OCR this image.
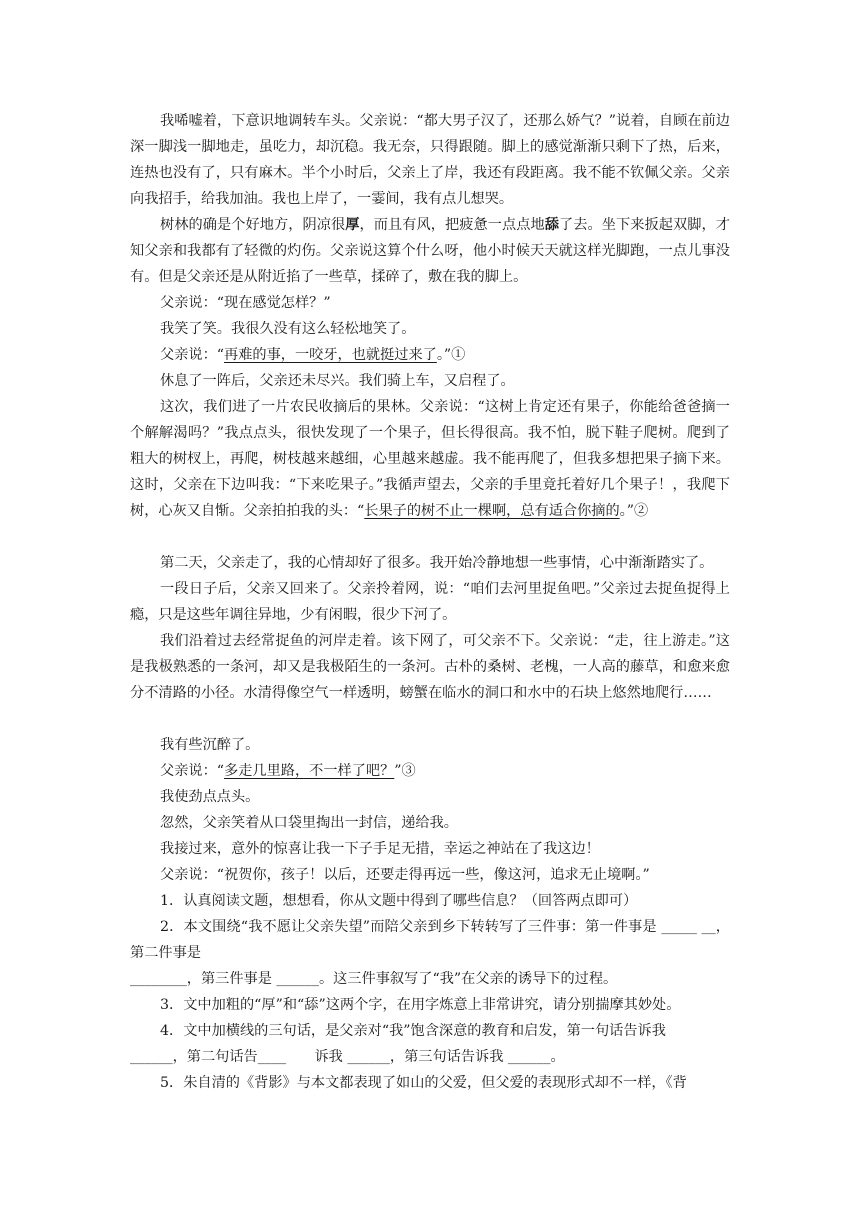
我唏嘘着，下意识地调转车头。父亲说：“都大男子汉了，还那么娇气？”说着，自顾在前边深一脚浅一脚地走，虽吃力，却沉稳。我无奈，只得跟随。脚上的感觉渐渐只剩下了热，后来，连热也没有了，只有麻木。半个小时后，父亲上了岸，我还有段距离。我不能不钦佩父亲。父亲向我招手，给我加油。我也上岸了，一霎间，我有点儿想哭。

树林的确是个好地方，阴凉很厚，而且有风，把疲惫一点点地舔了去。坐下来扳起双脚，才知父亲和我都有了轻微的灼伤。父亲说这算个什么呀，他小时候天天就这样光脚跑，一点儿事没有。但是父亲还是从附近掐了一些草，揉碎了，敷在我的脚上。

父亲说：“现在感觉怎样？”

我笑了笑。我很久没有这么轻松地笑了。

父亲说：“再难的事，一咬牙，也就挺过来了。”①

休息了一阵后，父亲还未尽兴。我们骑上车，又启程了。

这次，我们进了一片农民收摘后的果林。父亲说：“这树上肯定还有果子，你能给爸爸摘一个解解渴吗？”我点点头，很快发现了一个果子，但长得很高。我不怕，脱下鞋子爬树。爬到了粗大的树杈上，再爬，树枝越来越细，心里越来越虚。我不能再爬了，但我多想把果子摘下来。这时，父亲在下边叫我：“下来吃果子。”我循声望去，父亲的手里竟托着好几个果子！，我爬下树，心灰又自惭。父亲拍拍我的头：“长果子的树不止一棵啊，总有适合你摘的。”②

第二天，父亲走了，我的心情却好了很多。我开始冷静地想一些事情，心中渐渐踏实了。

一段日子后，父亲又回来了。父亲拎着网，说：“咱们去河里捉鱼吧。”父亲过去捉鱼捉得上瘾，只是这些年调往异地，少有闲暇，很少下河了。

我们沿着过去经常捉鱼的河岸走着。该下网了，可父亲不下。父亲说：“走，往上游走。”这是我极熟悉的一条河，却又是我极陌生的一条河。古朴的桑树、老槐，一人高的藤草，和愈来愈分不清路的小径。水清得像空气一样透明，螃蟹在临水的洞口和水中的石块上悠然地爬行……

我有些沉醉了。

父亲说：“多走几里路，不一样了吧？”③

我使劲点点头。

忽然，父亲笑着从口袋里掏出一封信，递给我。

我接过来，意外的惊喜让我一下子手足无措，幸运之神站在了我这边！

父亲说：“祝贺你，孩子！以后，还要走得再远一些，像这河，追求无止境啊。”

1．认真阅读文题，想想看，你从文题中得到了哪些信息？（回答两点即可）

2．本文围绕“我不愿让父亲失望”而陪父亲到乡下转转写了三件事：第一件事是 _____ __，第二件事是

________，第三件事是 ______。这三件事叙写了“我”在父亲的诱导下的过程。

3．文中加粗的“厚”和“舔”这两个字，在用字炼意上非常讲究，请分别揣摩其妙处。

4．文中加横线的三句话，是父亲对“我”饱含深意的教育和启发，第一句话告诉我

______，第二句话告____　　诉我 ______，第三句话告诉我 ______。

5．朱自清的《背影》与本文都表现了如山的父爱，但父爱的表现形式却不一样，《背
